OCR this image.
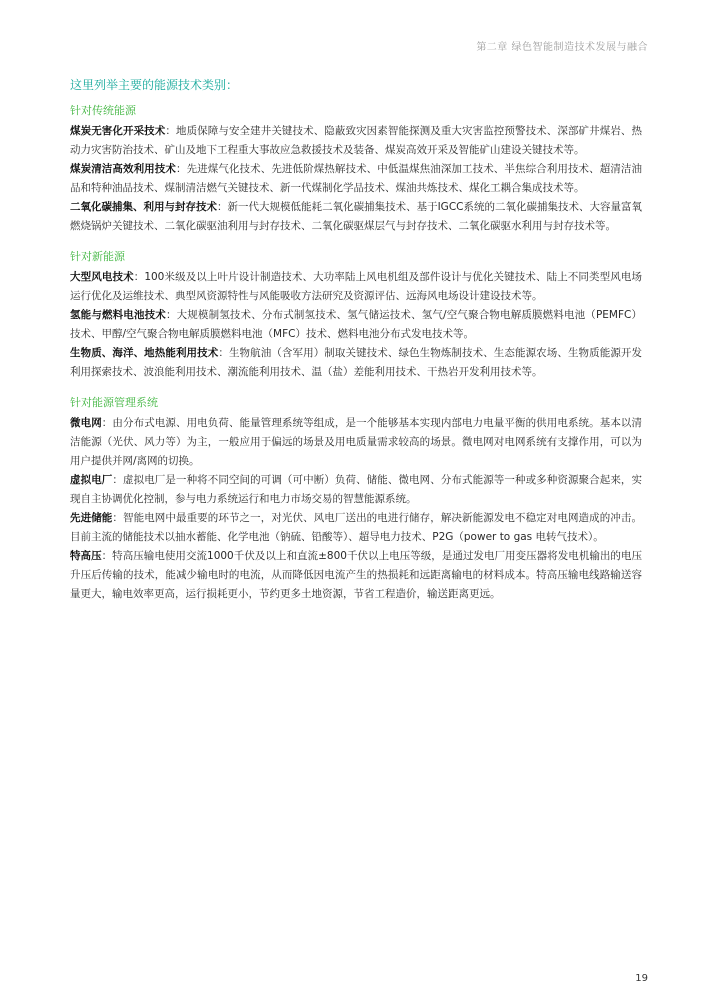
第二章 绿色智能制造技术发展与融合

这里列举主要的能源技术类别：

针对传统能源

煤炭无害化开采技术：地质保障与安全建井关键技术、隐蔽致灾因素智能探测及重大灾害监控预警技术、深部矿井煤岩、热动力灾害防治技术、矿山及地下工程重大事故应急救援技术及装备、煤炭高效开采及智能矿山建设关键技术等。

煤炭清洁高效利用技术：先进煤气化技术、先进低阶煤热解技术、中低温煤焦油深加工技术、半焦综合利用技术、超清洁油品和特种油品技术、煤制清洁燃气关键技术、新一代煤制化学品技术、煤油共炼技术、煤化工耦合集成技术等。

二氧化碳捕集、利用与封存技术：新一代大规模低能耗二氧化碳捕集技术、基于IGCC系统的二氧化碳捕集技术、大容量富氧燃烧锅炉关键技术、二氧化碳驱油利用与封存技术、二氧化碳驱煤层气与封存技术、二氧化碳驱水利用与封存技术等。

针对新能源

大型风电技术：100米级及以上叶片设计制造技术、大功率陆上风电机组及部件设计与优化关键技术、陆上不同类型风电场运行优化及运维技术、典型风资源特性与风能吸收方法研究及资源评估、远海风电场设计建设技术等。

氢能与燃料电池技术：大规模制氢技术、分布式制氢技术、氢气储运技术、氢气/空气聚合物电解质膜燃料电池（PEMFC）技术、甲醇/空气聚合物电解质膜燃料电池（MFC）技术、燃料电池分布式发电技术等。

生物质、海洋、地热能利用技术：生物航油（含军用）制取关键技术、绿色生物炼制技术、生态能源农场、生物质能源开发利用探索技术、波浪能利用技术、潮流能利用技术、温（盐）差能利用技术、干热岩开发利用技术等。

针对能源管理系统

微电网：由分布式电源、用电负荷、能量管理系统等组成，是一个能够基本实现内部电力电量平衡的供用电系统。基本以清洁能源（光伏、风力等）为主，一般应用于偏远的场景及用电质量需求较高的场景。微电网对电网系统有支撑作用，可以为用户提供并网/离网的切换。

虚拟电厂：虚拟电厂是一种将不同空间的可调（可中断）负荷、储能、微电网、分布式能源等一种或多种资源聚合起来，实现自主协调优化控制，参与电力系统运行和电力市场交易的智慧能源系统。

先进储能：智能电网中最重要的环节之一，对光伏、风电厂送出的电进行储存，解决新能源发电不稳定对电网造成的冲击。目前主流的储能技术以抽水蓄能、化学电池（钠硫、铅酸等）、超导电力技术、P2G（power to gas 电转气技术）。

特高压：特高压输电使用交流1000千伏及以上和直流±800千伏以上电压等级，是通过发电厂用变压器将发电机输出的电压升压后传输的技术，能减少输电时的电流，从而降低因电流产生的热损耗和远距离输电的材料成本。特高压输电线路输送容量更大，输电效率更高，运行损耗更小，节约更多土地资源，节省工程造价，输送距离更远。

19
